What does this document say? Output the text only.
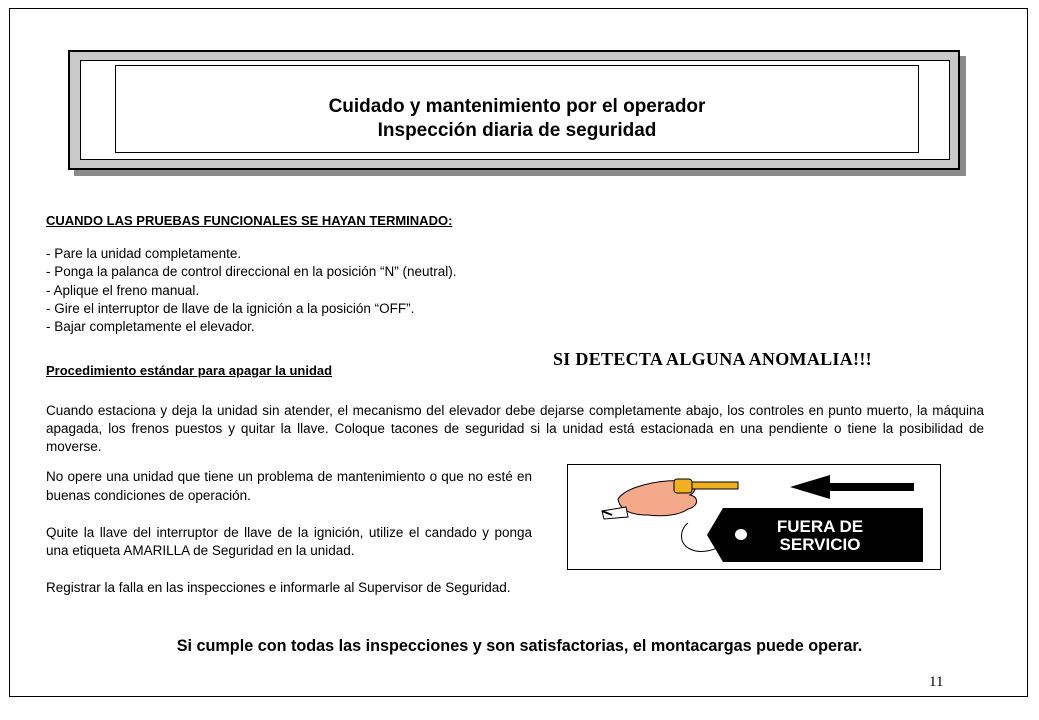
Cuidado y mantenimiento por el operador
Inspección diaria de seguridad
CUANDO LAS PRUEBAS FUNCIONALES SE HAYAN TERMINADO:
- Pare la unidad completamente.
- Ponga la palanca de control direccional en la posición “N” (neutral).
- Aplique el freno manual.
- Gire el interruptor de llave de la ignición a la posición “OFF”.
- Bajar completamente el elevador.
SI DETECTA ALGUNA ANOMALIA!!!
Procedimiento estándar para apagar la unidad
Cuando estaciona y deja la unidad sin atender, el mecanismo del elevador debe dejarse completamente abajo, los controles en punto muerto, la máquina apagada, los frenos puestos y quitar la llave. Coloque tacones de seguridad si la unidad está estacionada en una pendiente o tiene la posibilidad de moverse.

No opere una unidad que tiene un problema de mantenimiento o que no esté en buenas condiciones de operación.

Quite la llave del interruptor de llave de la ignición, utilize el candado y ponga una etiqueta AMARILLA de Seguridad en la unidad.

Registrar la falla en las inspecciones e informarle al Supervisor de Seguridad.

FUERA DE
SERVICIO
Si cumple con todas las inspecciones y son satisfactorias, el montacargas puede operar.
11
